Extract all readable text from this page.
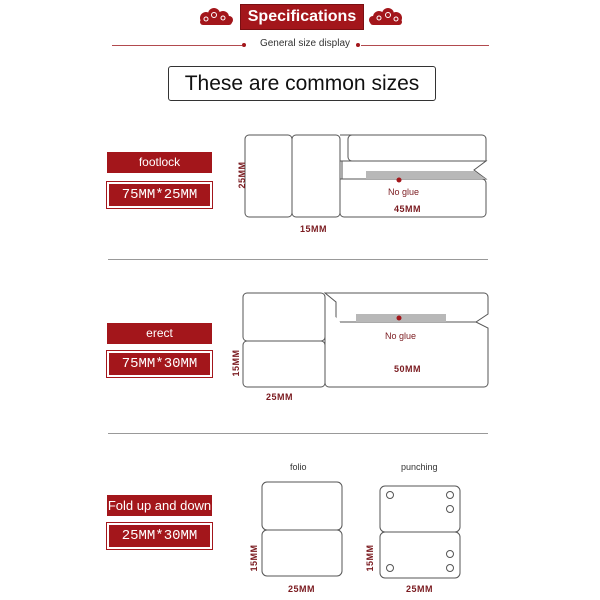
Specifications
General size display
These are common sizes
footlock
75MM*25MM	No glue
45MM
25MM
15MM
erect	No glue
75MM*30MM	50MM
15MM
25MM
folio	punching
Fold up and down
25MM*30MM
15MM
25MM
15MM
25MM
